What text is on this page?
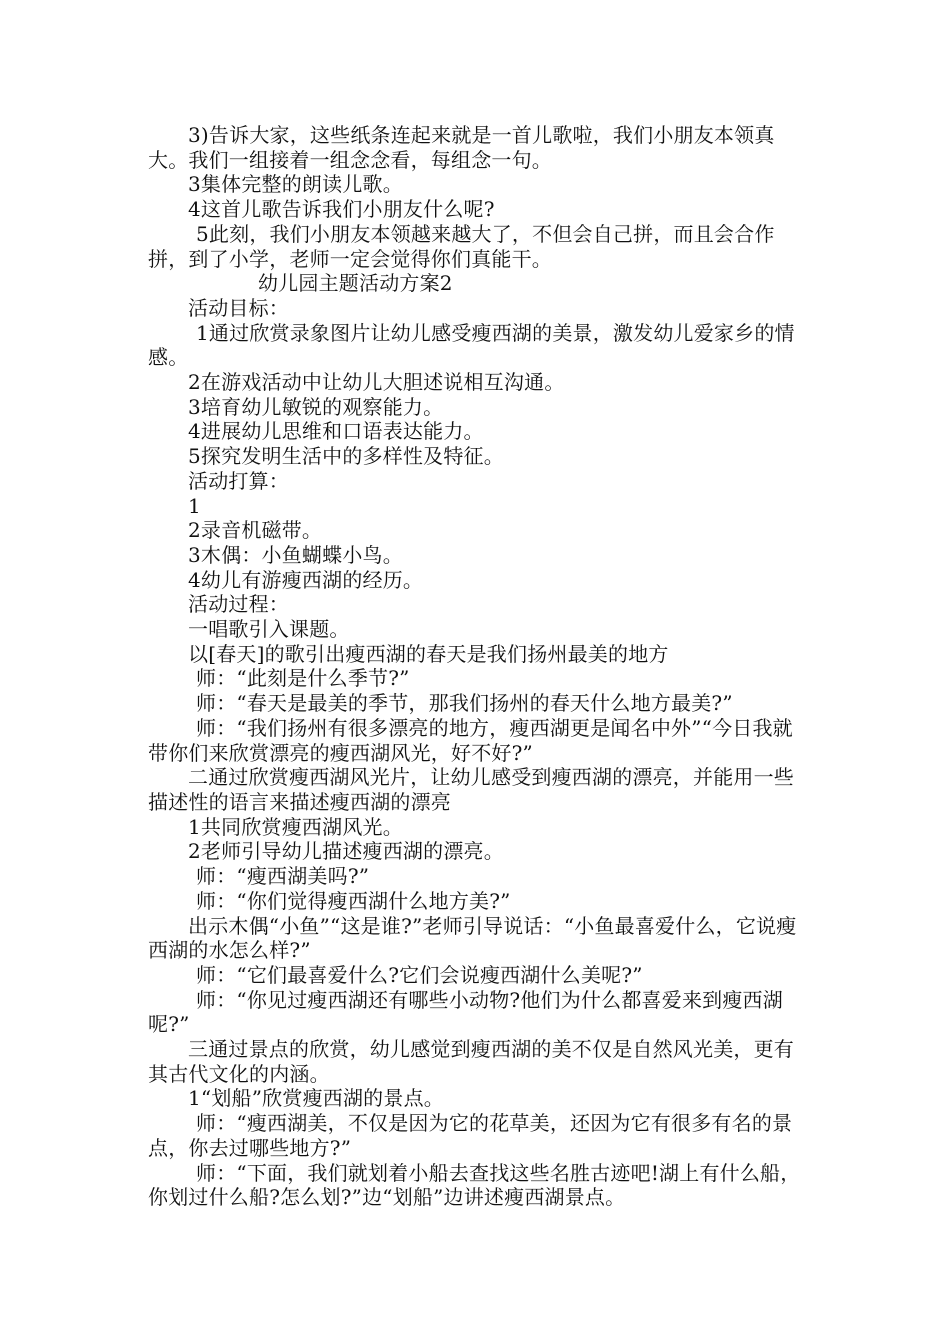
3)告诉大家，这些纸条连起来就是一首儿歌啦，我们小朋友本领真大。我们一组接着一组念念看，每组念一句。

3集体完整的朗读儿歌。

4这首儿歌告诉我们小朋友什么呢?

5此刻，我们小朋友本领越来越大了，不但会自己拼，而且会合作拼，到了小学，老师一定会觉得你们真能干。

幼儿园主题活动方案2

活动目标：

1通过欣赏录象图片让幼儿感受瘦西湖的美景，激发幼儿爱家乡的情感。

2在游戏活动中让幼儿大胆述说相互沟通。

3培育幼儿敏锐的观察能力。

4进展幼儿思维和口语表达能力。

5探究发明生活中的多样性及特征。

活动打算：

1

2录音机磁带。

3木偶：小鱼蝴蝶小鸟。

4幼儿有游瘦西湖的经历。

活动过程：

一唱歌引入课题。

以[春天]的歌引出瘦西湖的春天是我们扬州最美的地方

师：“此刻是什么季节?”

师：“春天是最美的季节，那我们扬州的春天什么地方最美?”

师：“我们扬州有很多漂亮的地方，瘦西湖更是闻名中外”“今日我就带你们来欣赏漂亮的瘦西湖风光，好不好?”

二通过欣赏瘦西湖风光片，让幼儿感受到瘦西湖的漂亮，并能用一些描述性的语言来描述瘦西湖的漂亮

1共同欣赏瘦西湖风光。

2老师引导幼儿描述瘦西湖的漂亮。

师：“瘦西湖美吗?”

师：“你们觉得瘦西湖什么地方美?”

出示木偶“小鱼”“这是谁?”老师引导说话：“小鱼最喜爱什么，它说瘦西湖的水怎么样?”

师：“它们最喜爱什么?它们会说瘦西湖什么美呢?”

师：“你见过瘦西湖还有哪些小动物?他们为什么都喜爱来到瘦西湖呢?”

三通过景点的欣赏，幼儿感觉到瘦西湖的美不仅是自然风光美，更有其古代文化的内涵。

1“划船”欣赏瘦西湖的景点。

师：“瘦西湖美，不仅是因为它的花草美，还因为它有很多有名的景点，你去过哪些地方?”

师：“下面，我们就划着小船去查找这些名胜古迹吧!湖上有什么船，你划过什么船?怎么划?”边“划船”边讲述瘦西湖景点。
